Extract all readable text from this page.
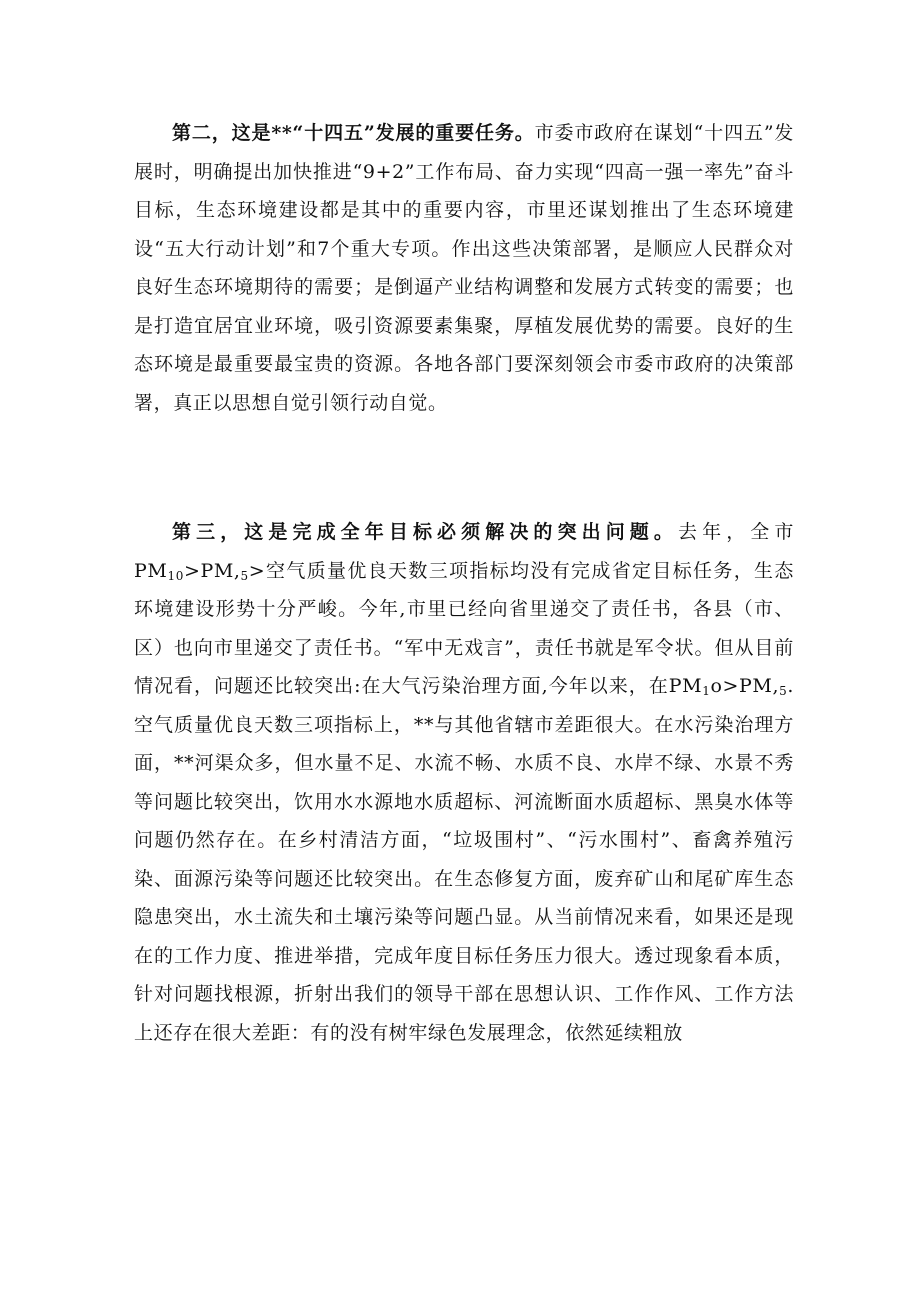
第二，这是**“十四五”发展的重要任务。市委市政府在谋划“十四五”发展时，明确提出加快推进“9+2”工作布局、奋力实现“四高一强一率先”奋斗目标，生态环境建设都是其中的重要内容，市里还谋划推出了生态环境建设“五大行动计划”和7个重大专项。作出这些决策部署，是顺应人民群众对良好生态环境期待的需要；是倒逼产业结构调整和发展方式转变的需要；也是打造宜居宜业环境，吸引资源要素集聚，厚植发展优势的需要。良好的生态环境是最重要最宝贵的资源。各地各部门要深刻领会市委市政府的决策部署，真正以思想自觉引领行动自觉。

第三，这是完成全年目标必须解决的突出问题。去年，全市$PM_{10}>PM,_5>$空气质量优良天数三项指标均没有完成省定目标任务，生态环境建设形势十分严峻。今年,市里已经向省里递交了责任书，各县（市、区）也向市里递交了责任书。“军中无戏言”，责任书就是军令状。但从目前情况看，问题还比较突出:在大气污染治理方面,今年以来，在$PM_1o>PM,_5$.空气质量优良天数三项指标上，**与其他省辖市差距很大。在水污染治理方面，**河渠众多，但水量不足、水流不畅、水质不良、水岸不绿、水景不秀等问题比较突出，饮用水水源地水质超标、河流断面水质超标、黑臭水体等问题仍然存在。在乡村清洁方面，“垃圾围村”、“污水围村”、畜禽养殖污染、面源污染等问题还比较突出。在生态修复方面，废弃矿山和尾矿库生态隐患突出，水土流失和土壤污染等问题凸显。从当前情况来看，如果还是现在的工作力度、推进举措，完成年度目标任务压力很大。透过现象看本质，针对问题找根源，折射出我们的领导干部在思想认识、工作作风、工作方法上还存在很大差距：有的没有树牢绿色发展理念，依然延续粗放
